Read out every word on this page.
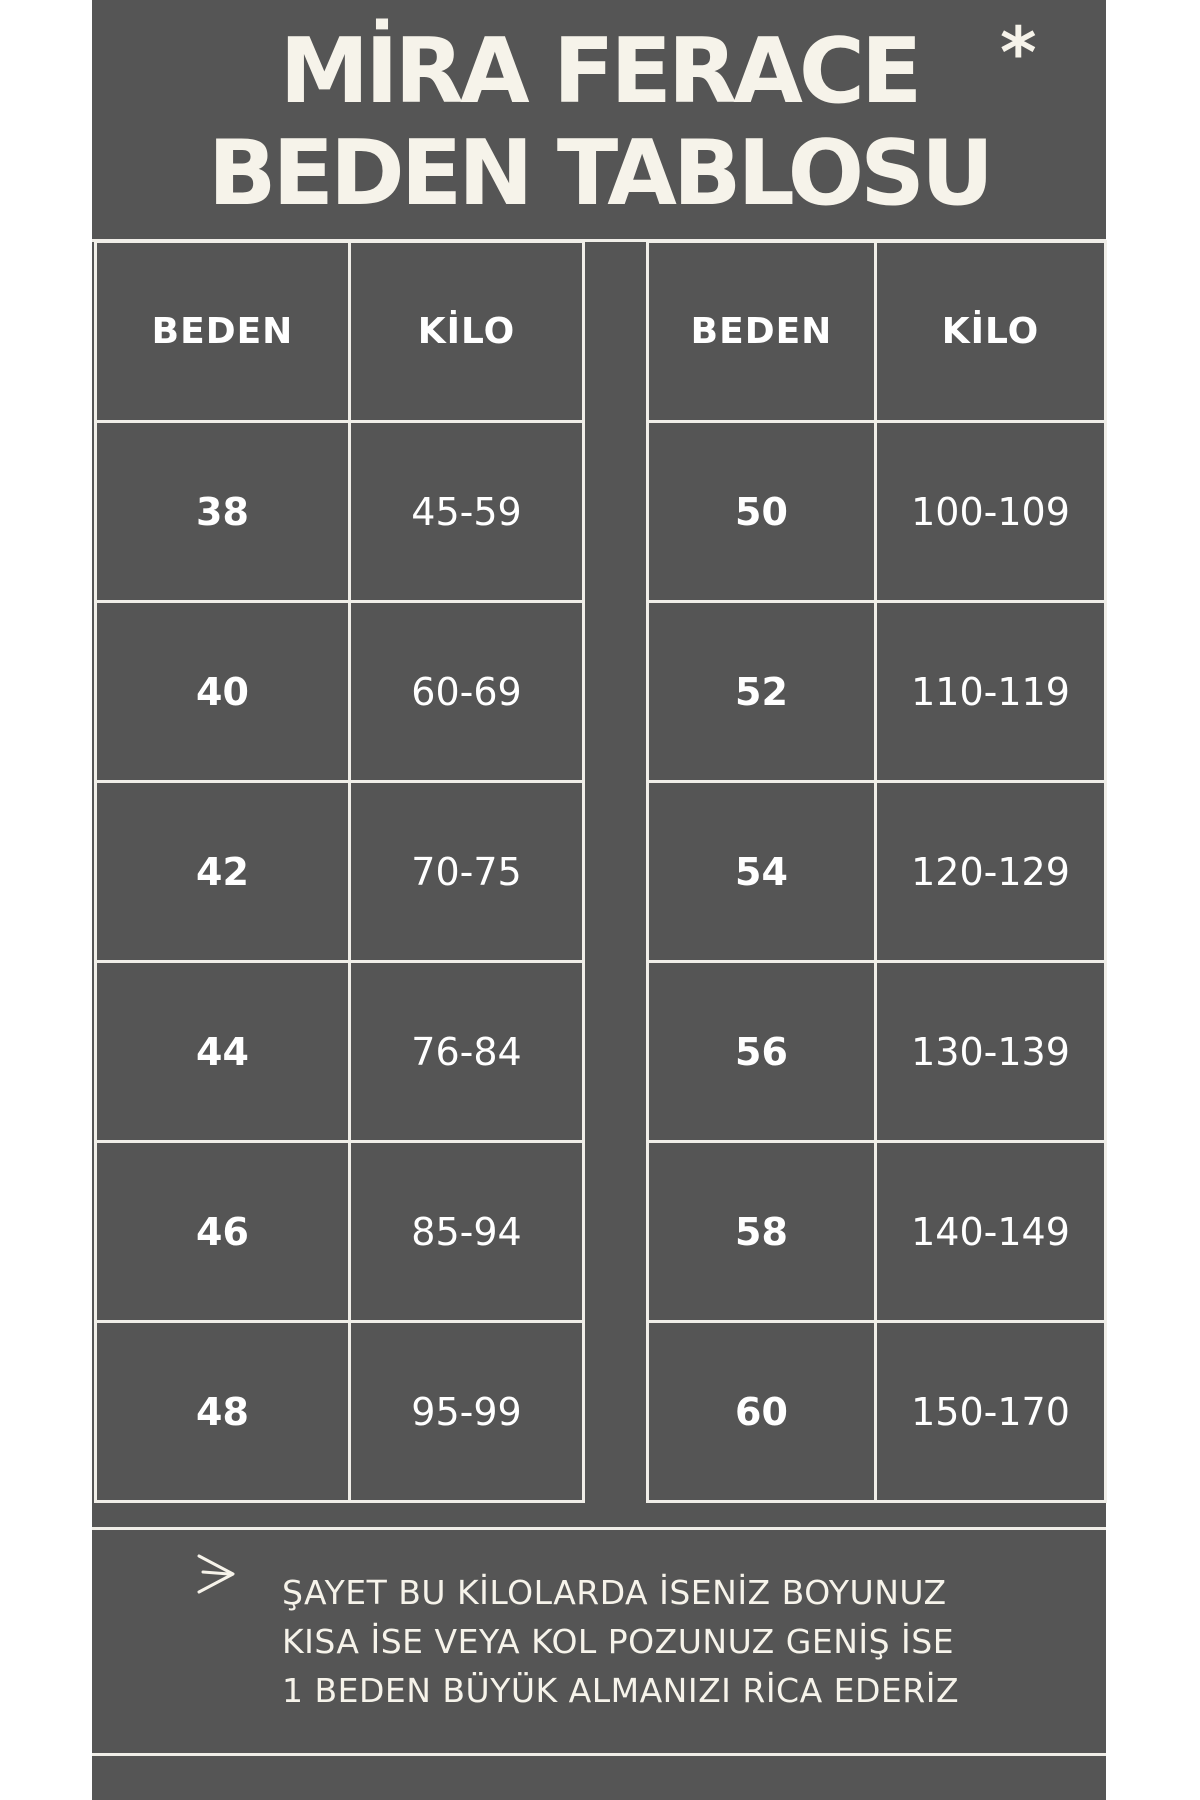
MİRA FERACE
BEDEN TABLOSU
*
BEDEN	KİLO
38	45-59
40	60-69
42	70-75
44	76-84
46	85-94
48	95-99
BEDEN	KİLO
50	100-109
52	110-119
54	120-129
56	130-139
58	140-149
60	150-170
ŞAYET BU KİLOLARDA İSENİZ BOYUNUZ
KISA İSE VEYA KOL POZUNUZ GENİŞ İSE
1 BEDEN BÜYÜK ALMANIZI RİCA EDERİZ
